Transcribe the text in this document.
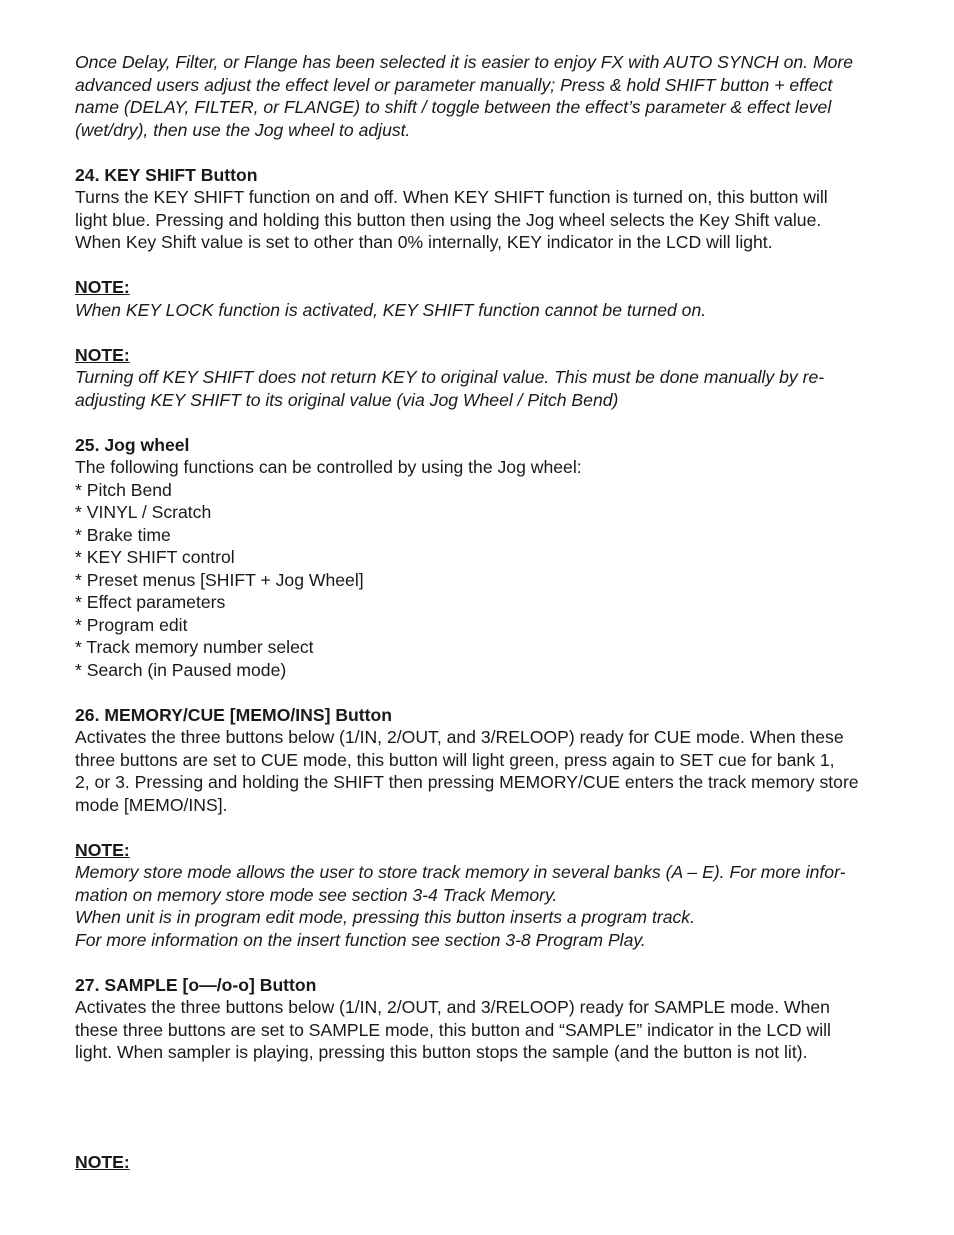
Once Delay, Filter, or Flange has been selected it is easier to enjoy FX with AUTO SYNCH on. More

advanced users adjust the effect level or parameter manually; Press & hold SHIFT button + effect

name (DELAY, FILTER, or FLANGE) to shift / toggle between the effect’s parameter & effect level

(wet/dry), then use the Jog wheel to adjust.

24. KEY SHIFT Button

Turns the KEY SHIFT function on and off. When KEY SHIFT function is turned on, this button will

light blue. Pressing and holding this button then using the Jog wheel selects the Key Shift value.

When Key Shift value is set to other than 0% internally, KEY indicator in the LCD will light.

NOTE:

When KEY LOCK function is activated, KEY SHIFT function cannot be turned on.

NOTE:

Turning off KEY SHIFT does not return KEY to original value. This must be done manually by re-

adjusting KEY SHIFT to its original value (via Jog Wheel / Pitch Bend)

25. Jog wheel

The following functions can be controlled by using the Jog wheel:

* Pitch Bend
* VINYL / Scratch
* Brake time
* KEY SHIFT control
* Preset menus [SHIFT + Jog Wheel]
* Effect parameters
* Program edit
* Track memory number select
* Search (in Paused mode)

26. MEMORY/CUE [MEMO/INS] Button

Activates the three buttons below (1/IN, 2/OUT, and 3/RELOOP) ready for CUE mode. When these

three buttons are set to CUE mode, this button will light green, press again to SET cue for bank 1,

2, or 3. Pressing and holding the SHIFT then pressing MEMORY/CUE enters the track memory store

mode [MEMO/INS].

NOTE:

Memory store mode allows the user to store track memory in several banks (A – E). For more infor-

mation on memory store mode see section 3-4 Track Memory.

When unit is in program edit mode, pressing this button inserts a program track.

For more information on the insert function see section 3-8 Program Play.

27. SAMPLE [o—/o-o] Button

Activates the three buttons below (1/IN, 2/OUT, and 3/RELOOP) ready for SAMPLE mode. When

these three buttons are set to SAMPLE mode, this button and “SAMPLE” indicator in the LCD will

light. When sampler is playing, pressing this button stops the sample (and the button is not lit).

NOTE:
